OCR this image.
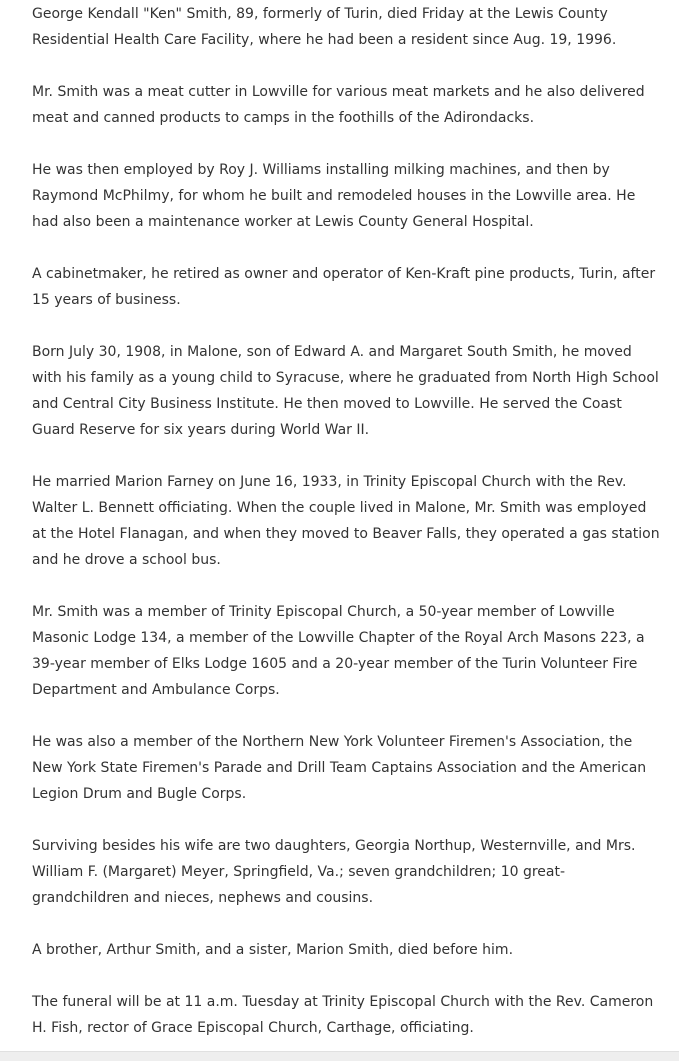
George Kendall "Ken" Smith, 89, formerly of Turin, died Friday at the Lewis County Residential Health Care Facility, where he had been a resident since Aug. 19, 1996.

Mr. Smith was a meat cutter in Lowville for various meat markets and he also delivered meat and canned products to camps in the foothills of the Adirondacks.

He was then employed by Roy J. Williams installing milking machines, and then by Raymond McPhilmy, for whom he built and remodeled houses in the Lowville area. He had also been a maintenance worker at Lewis County General Hospital.

A cabinetmaker, he retired as owner and operator of Ken-Kraft pine products, Turin, after 15 years of business.

Born July 30, 1908, in Malone, son of Edward A. and Margaret South Smith, he moved with his family as a young child to Syracuse, where he graduated from North High School and Central City Business Institute. He then moved to Lowville. He served the Coast Guard Reserve for six years during World War II.

He married Marion Farney on June 16, 1933, in Trinity Episcopal Church with the Rev. Walter L. Bennett officiating. When the couple lived in Malone, Mr. Smith was employed at the Hotel Flanagan, and when they moved to Beaver Falls, they operated a gas station and he drove a school bus.

Mr. Smith was a member of Trinity Episcopal Church, a 50-year member of Lowville Masonic Lodge 134, a member of the Lowville Chapter of the Royal Arch Masons 223, a 39-year member of Elks Lodge 1605 and a 20-year member of the Turin Volunteer Fire Department and Ambulance Corps.

He was also a member of the Northern New York Volunteer Firemen's Association, the New York State Firemen's Parade and Drill Team Captains Association and the American Legion Drum and Bugle Corps.

Surviving besides his wife are two daughters, Georgia Northup, Westernville, and Mrs. William F. (Margaret) Meyer, Springfield, Va.; seven grandchildren; 10 great-grandchildren and nieces, nephews and cousins.

A brother, Arthur Smith, and a sister, Marion Smith, died before him.

The funeral will be at 11 a.m. Tuesday at Trinity Episcopal Church with the Rev. Cameron H. Fish, rector of Grace Episcopal Church, Carthage, officiating.
